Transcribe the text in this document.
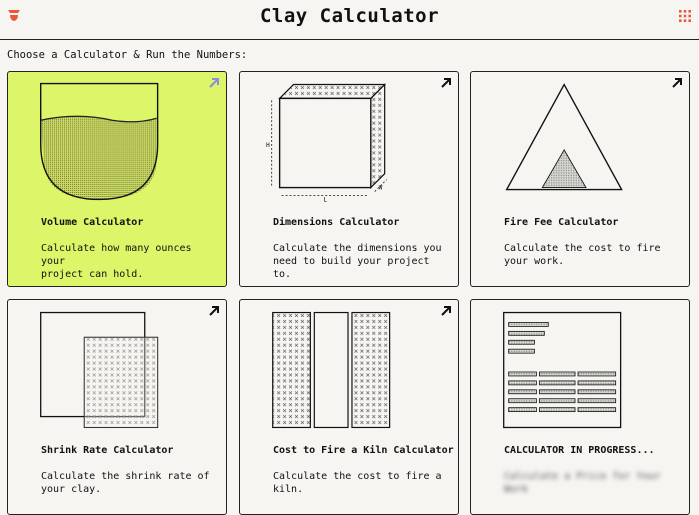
Clay Calculator
Choose a Calculator & Run the Numbers:
Volume Calculator
Calculate how many ounces your
project can hold.
H
L
W
Dimensions Calculator
Calculate the dimensions you
need to build your project to.
Fire Fee Calculator
Calculate the cost to fire
your work.
Shrink Rate Calculator
Calculate the shrink rate of
your clay.
Cost to Fire a Kiln Calculator
Calculate the cost to fire a
kiln.
CALCULATOR IN PROGRESS...
Calculate a Price for Your
Work
